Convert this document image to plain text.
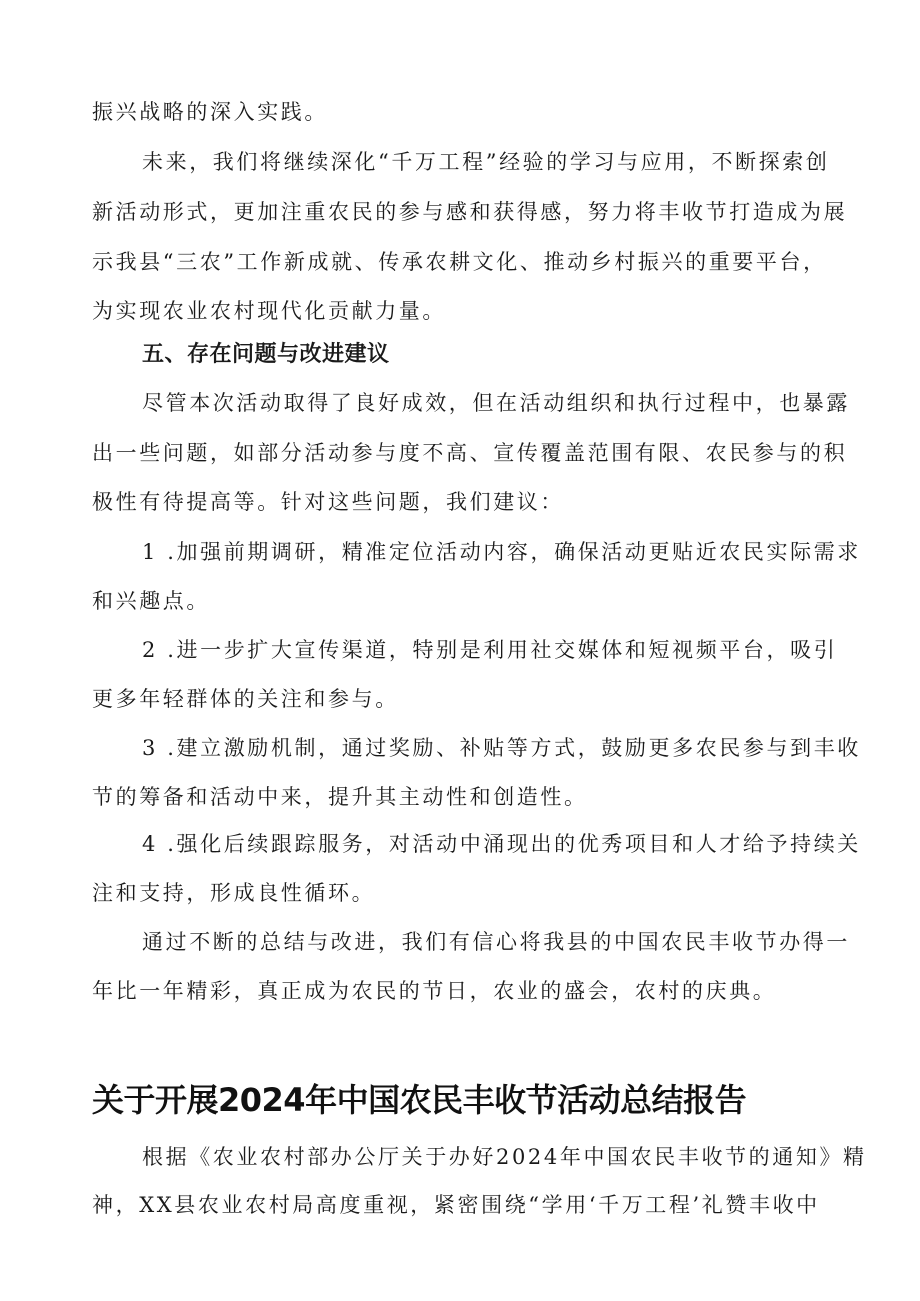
振兴战略的深入实践。

未来，我们将继续深化“千万工程”经验的学习与应用，不断探索创

新活动形式，更加注重农民的参与感和获得感，努力将丰收节打造成为展

示我县“三农”工作新成就、传承农耕文化、推动乡村振兴的重要平台，

为实现农业农村现代化贡献力量。

五、存在问题与改进建议

尽管本次活动取得了良好成效，但在活动组织和执行过程中，也暴露

出一些问题，如部分活动参与度不高、宣传覆盖范围有限、农民参与的积

极性有待提高等。针对这些问题，我们建议：

1 .加强前期调研，精准定位活动内容，确保活动更贴近农民实际需求

和兴趣点。

2 .进一步扩大宣传渠道，特别是利用社交媒体和短视频平台，吸引

更多年轻群体的关注和参与。

3 .建立激励机制，通过奖励、补贴等方式，鼓励更多农民参与到丰收

节的筹备和活动中来，提升其主动性和创造性。

4 .强化后续跟踪服务，对活动中涌现出的优秀项目和人才给予持续关

注和支持，形成良性循环。

通过不断的总结与改进，我们有信心将我县的中国农民丰收节办得一

年比一年精彩，真正成为农民的节日，农业的盛会，农村的庆典。

关于开展2024年中国农民丰收节活动总结报告

根据《农业农村部办公厅关于办好2024年中国农民丰收节的通知》精

神，XX县农业农村局高度重视，紧密围绕“学用‘千万工程’礼赞丰收中
